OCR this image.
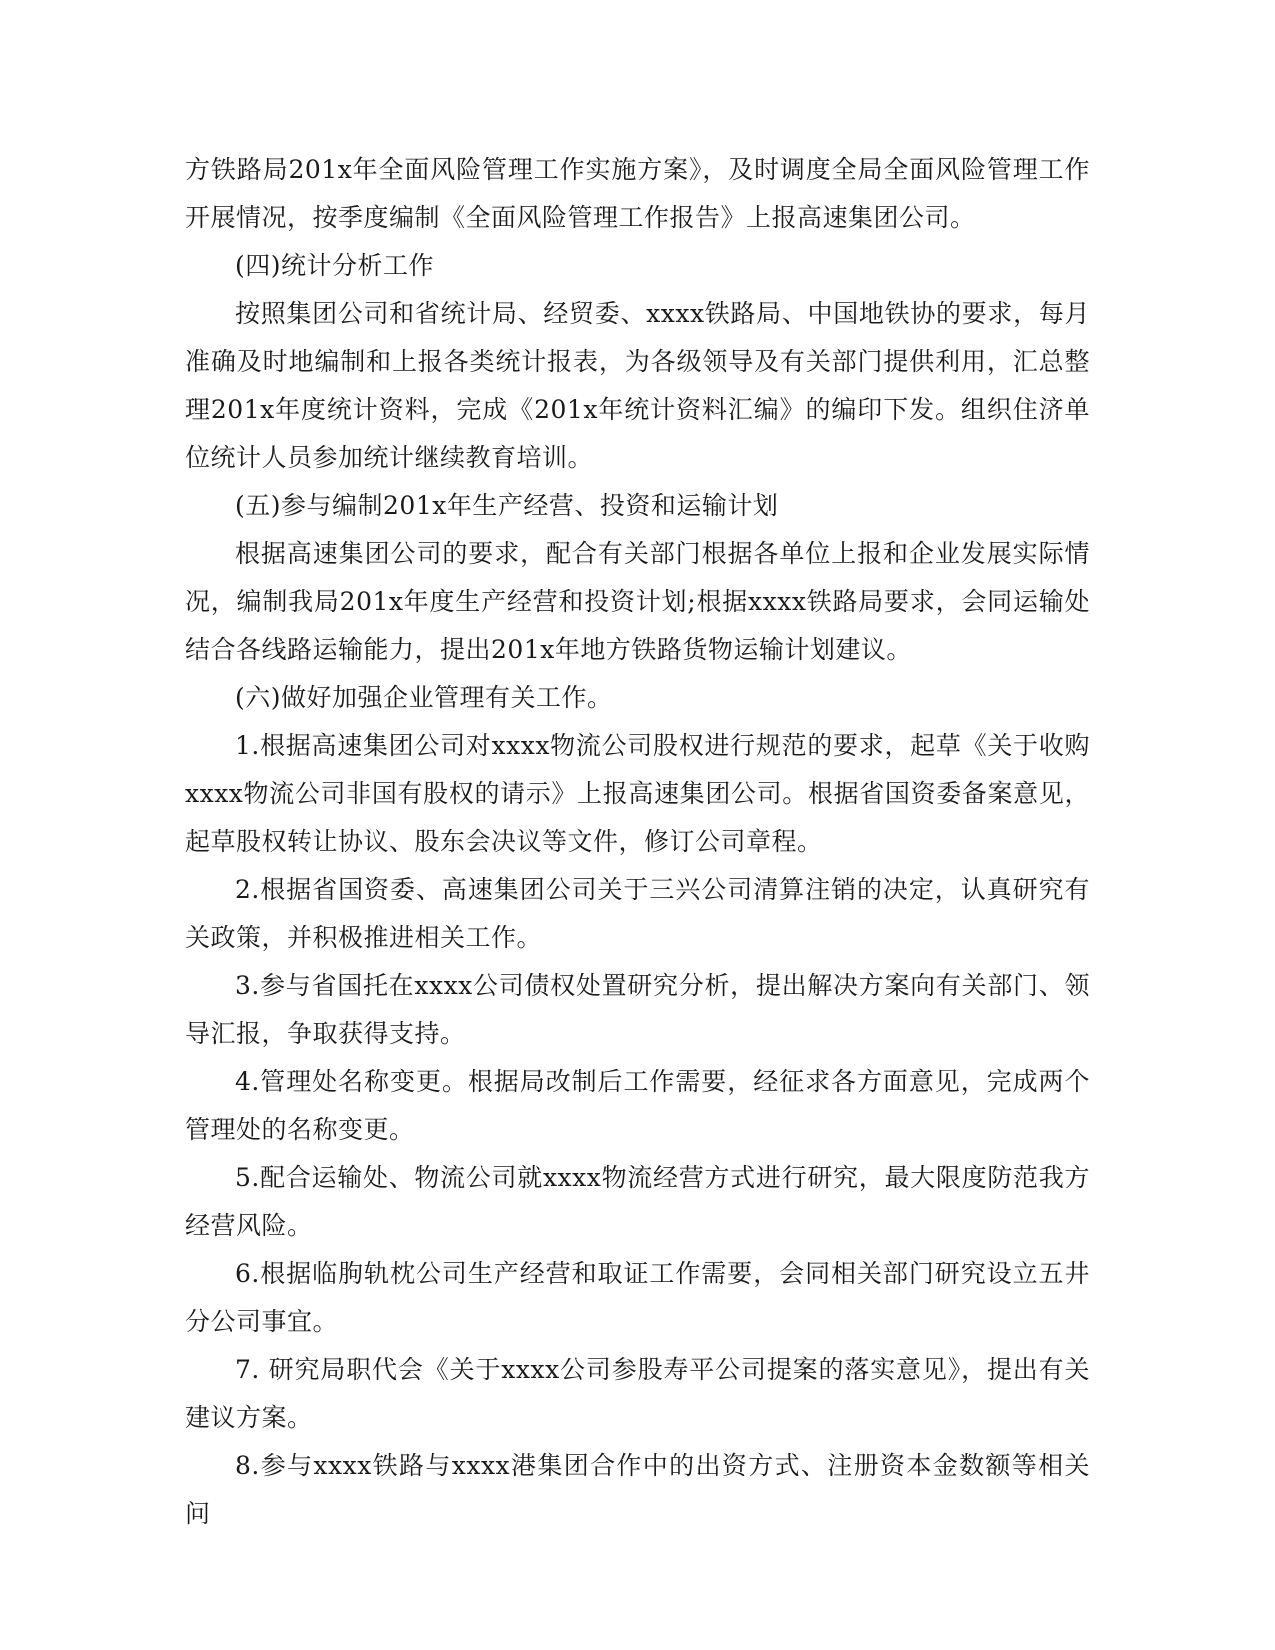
方铁路局201x年全面风险管理工作实施方案》，及时调度全局全面风险管理工作开展情况，按季度编制《全面风险管理工作报告》上报高速集团公司。

(四)统计分析工作

按照集团公司和省统计局、经贸委、xxxx铁路局、中国地铁协的要求，每月准确及时地编制和上报各类统计报表，为各级领导及有关部门提供利用，汇总整理201x年度统计资料，完成《201x年统计资料汇编》的编印下发。组织住济单位统计人员参加统计继续教育培训。

(五)参与编制201x年生产经营、投资和运输计划

根据高速集团公司的要求，配合有关部门根据各单位上报和企业发展实际情况，编制我局201x年度生产经营和投资计划;根据xxxx铁路局要求，会同运输处结合各线路运输能力，提出201x年地方铁路货物运输计划建议。

(六)做好加强企业管理有关工作。

1.根据高速集团公司对xxxx物流公司股权进行规范的要求，起草《关于收购xxxx物流公司非国有股权的请示》上报高速集团公司。根据省国资委备案意见，起草股权转让协议、股东会决议等文件，修订公司章程。

2.根据省国资委、高速集团公司关于三兴公司清算注销的决定，认真研究有关政策，并积极推进相关工作。

3.参与省国托在xxxx公司债权处置研究分析，提出解决方案向有关部门、领导汇报，争取获得支持。

4.管理处名称变更。根据局改制后工作需要，经征求各方面意见，完成两个管理处的名称变更。

5.配合运输处、物流公司就xxxx物流经营方式进行研究，最大限度防范我方经营风险。

6.根据临朐轨枕公司生产经营和取证工作需要，会同相关部门研究设立五井分公司事宜。

7. 研究局职代会《关于xxxx公司参股寿平公司提案的落实意见》，提出有关建议方案。

8.参与xxxx铁路与xxxx港集团合作中的出资方式、注册资本金数额等相关问
